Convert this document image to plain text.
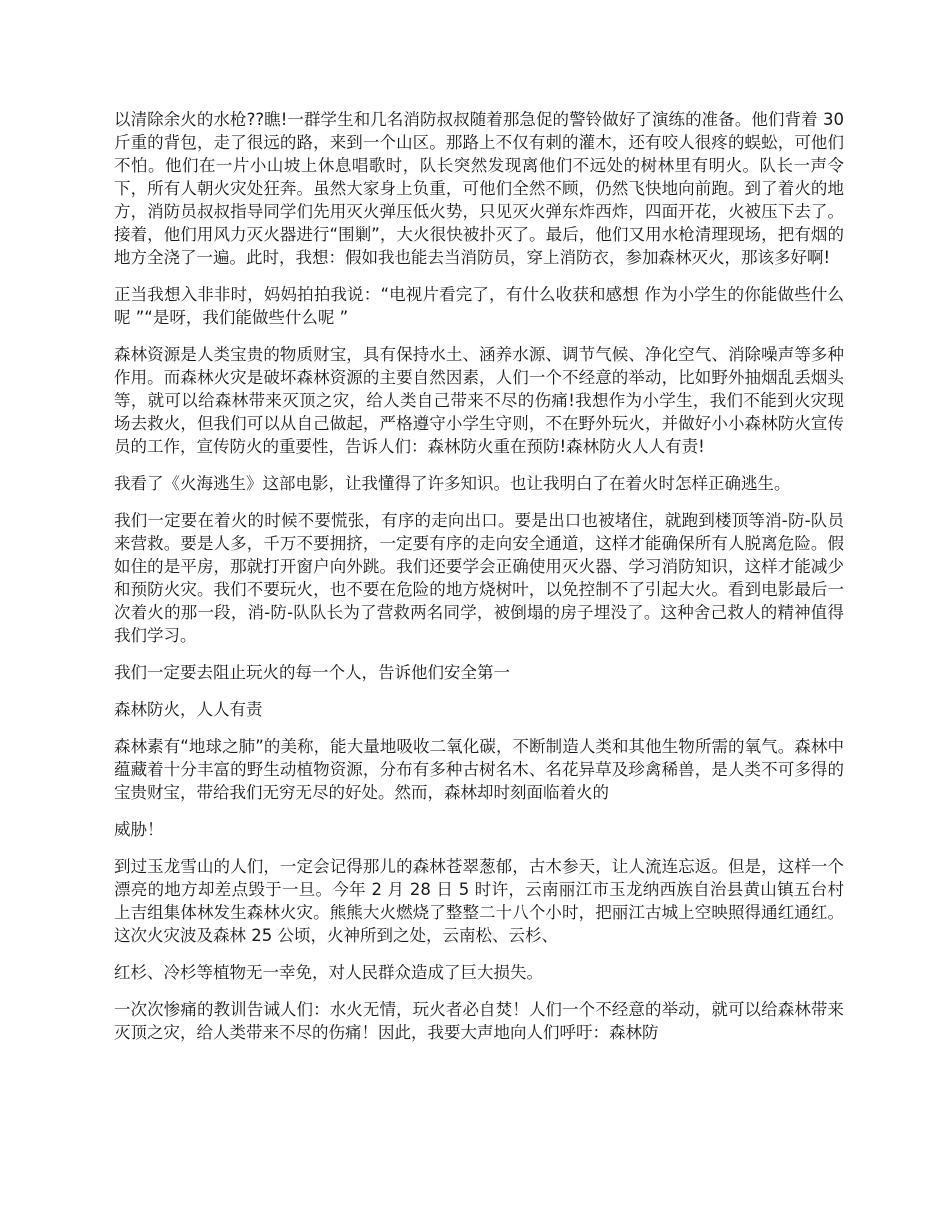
以清除余火的水枪??瞧!一群学生和几名消防叔叔随着那急促的警铃做好了演练的准备。他们背着 30 斤重的背包，走了很远的路，来到一个山区。那路上不仅有刺的灌木，还有咬人很疼的蜈蚣，可他们不怕。他们在一片小山坡上休息唱歌时，队长突然发现离他们不远处的树林里有明火。队长一声令下，所有人朝火灾处狂奔。虽然大家身上负重，可他们全然不顾，仍然飞快地向前跑。到了着火的地方，消防员叔叔指导同学们先用灭火弹压低火势，只见灭火弹东炸西炸，四面开花，火被压下去了。接着，他们用风力灭火器进行“围剿”，大火很快被扑灭了。最后，他们又用水枪清理现场，把有烟的地方全浇了一遍。此时，我想：假如我也能去当消防员，穿上消防衣，参加森林灭火，那该多好啊!

正当我想入非非时，妈妈拍拍我说：“电视片看完了，有什么收获和感想 作为小学生的你能做些什么呢 ”“是呀，我们能做些什么呢 ”

森林资源是人类宝贵的物质财宝，具有保持水土、涵养水源、调节气候、净化空气、消除噪声等多种作用。而森林火灾是破坏森林资源的主要自然因素，人们一个不经意的举动，比如野外抽烟乱丢烟头等，就可以给森林带来灭顶之灾，给人类自己带来不尽的伤痛!我想作为小学生，我们不能到火灾现场去救火，但我们可以从自己做起，严格遵守小学生守则，不在野外玩火，并做好小小森林防火宣传员的工作，宣传防火的重要性，告诉人们：森林防火重在预防!森林防火人人有责!

我看了《火海逃生》这部电影，让我懂得了许多知识。也让我明白了在着火时怎样正确逃生。

我们一定要在着火的时候不要慌张，有序的走向出口。要是出口也被堵住，就跑到楼顶等消-防-队员来营救。要是人多，千万不要拥挤，一定要有序的走向安全通道，这样才能确保所有人脱离危险。假如住的是平房，那就打开窗户向外跳。我们还要学会正确使用灭火器、学习消防知识，这样才能减少和预防火灾。我们不要玩火，也不要在危险的地方烧树叶，以免控制不了引起大火。看到电影最后一次着火的那一段，消-防-队队长为了营救两名同学，被倒塌的房子埋没了。这种舍己救人的精神值得我们学习。

我们一定要去阻止玩火的每一个人，告诉他们安全第一

森林防火，人人有责

森林素有“地球之肺”的美称，能大量地吸收二氧化碳，不断制造人类和其他生物所需的氧气。森林中蕴藏着十分丰富的野生动植物资源，分布有多种古树名木、名花异草及珍禽稀兽，是人类不可多得的宝贵财宝，带给我们无穷无尽的好处。然而，森林却时刻面临着火的

威胁！

到过玉龙雪山的人们，一定会记得那儿的森林苍翠葱郁，古木参天，让人流连忘返。但是，这样一个漂亮的地方却差点毁于一旦。今年 2 月 28 日 5 时许，云南丽江市玉龙纳西族自治县黄山镇五台村上吉组集体林发生森林火灾。熊熊大火燃烧了整整二十八个小时，把丽江古城上空映照得通红通红。这次火灾波及森林 25 公顷，火神所到之处，云南松、云杉、

红杉、冷杉等植物无一幸免，对人民群众造成了巨大损失。

一次次惨痛的教训告诫人们：水火无情，玩火者必自焚！人们一个不经意的举动，就可以给森林带来灭顶之灾，给人类带来不尽的伤痛！因此，我要大声地向人们呼吁：森林防
